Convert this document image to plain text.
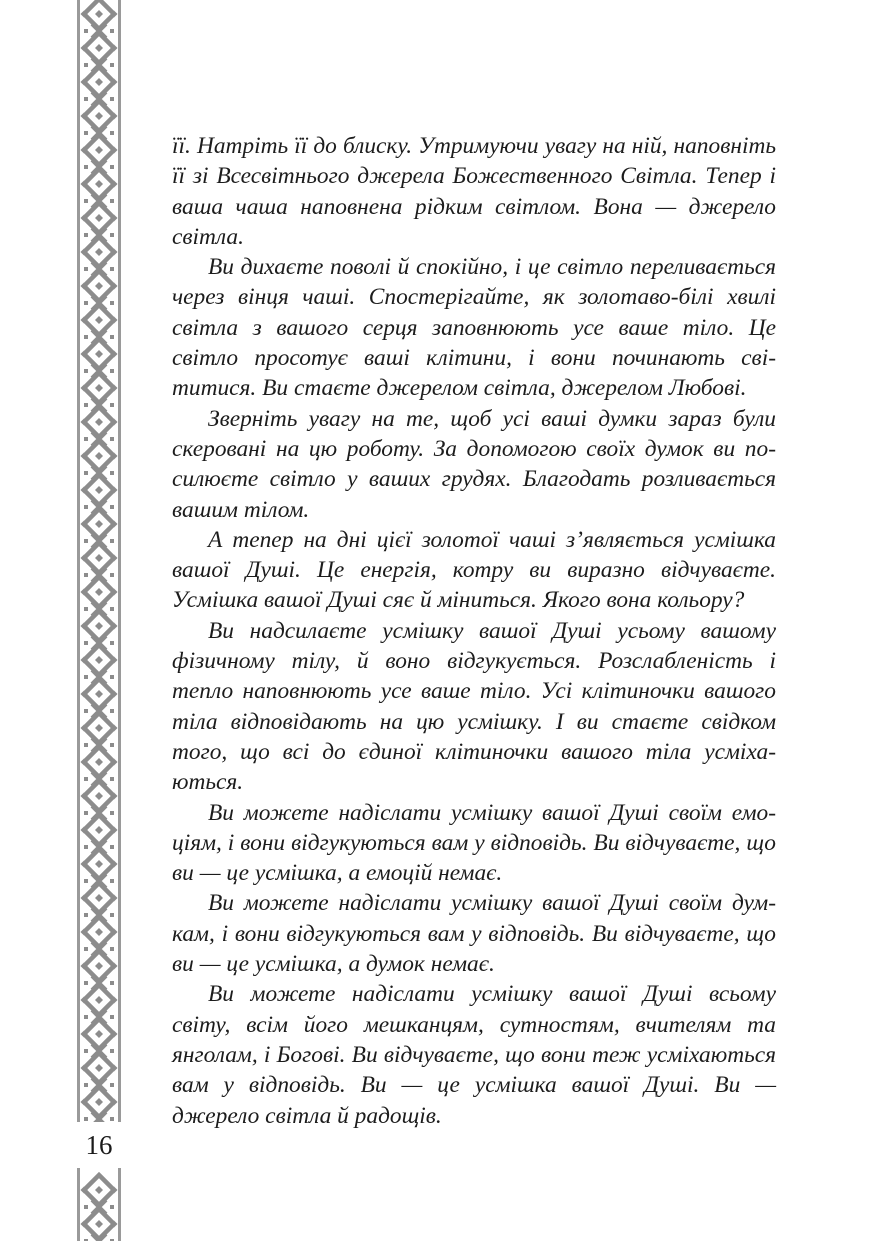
16

її. Натріть її до блиску. Утримуючи увагу на ній, наповніть її зі Всесвітнього джерела Божественного Світла. Тепер і ваша чаша наповнена рідким світлом. Вона — джерело світла.

Ви дихаєте поволі й спокійно, і це світло переливається через вінця чаші. Спостерігайте, як золотаво-білі хвилі світла з вашого серця заповнюють усе ваше тіло. Це світло просотує ваші клітини, і вони починають світитися. Ви стаєте джерелом світла, джерелом Любові.

Зверніть увагу на те, щоб усі ваші думки зараз були скеровані на цю роботу. За допомогою своїх думок ви посилюєте світло у ваших грудях. Благодать розливається вашим тілом.

А тепер на дні цієї золотої чаші з’являється усмішка вашої Душі. Це енергія, котру ви виразно відчуваєте. Усмішка вашої Душі сяє й міниться. Якого вона кольору?

Ви надсилаєте усмішку вашої Душі усьому вашому фізичному тілу, й воно відгукується. Розслабленість і тепло наповнюють усе ваше тіло. Усі клітиночки вашого тіла відповідають на цю усмішку. І ви стаєте свідком того, що всі до єдиної клітиночки вашого тіла усміхаються.

Ви можете надіслати усмішку вашої Душі своїм емоціям, і вони відгукуються вам у відповідь. Ви відчуваєте, що ви — це усмішка, а емоцій немає.

Ви можете надіслати усмішку вашої Душі своїм думкам, і вони відгукуються вам у відповідь. Ви відчуваєте, що ви — це усмішка, а думок немає.

Ви можете надіслати усмішку вашої Душі всьому світу, всім його мешканцям, сутностям, вчителям та янголам, і Богові. Ви відчуваєте, що вони теж усміхаються вам у відповідь. Ви — це усмішка вашої Душі. Ви — джерело світла й радощів.
